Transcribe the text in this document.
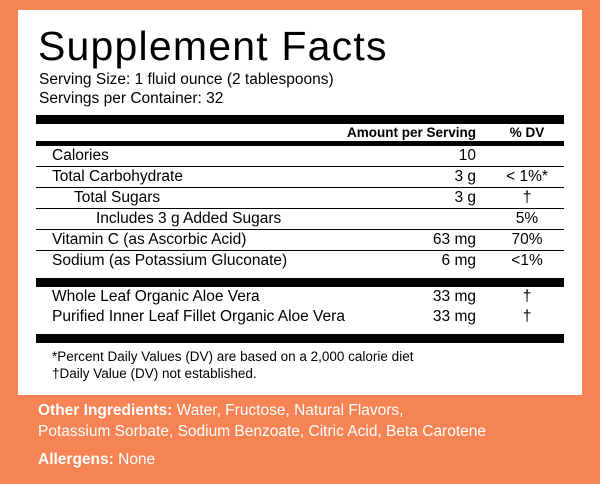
Supplement Facts
Serving Size: 1 fluid ounce (2 tablespoons)
Servings per Container: 32
	Amount per Serving	% DV
Calories	10	
Total Carbohydrate	3 g	< 1%*
Total Sugars	3 g	†
Includes 3 g Added Sugars		5%
Vitamin C (as Ascorbic Acid)	63 mg	70%
Sodium (as Potassium Gluconate)	6 mg	<1%
Whole Leaf Organic Aloe Vera	33 mg	†
Purified Inner Leaf Fillet Organic Aloe Vera	33 mg	†
*Percent Daily Values (DV) are based on a 2,000 calorie diet
†Daily Value (DV) not established.
Other Ingredients: Water, Fructose, Natural Flavors,
Potassium Sorbate, Sodium Benzoate, Citric Acid, Beta Carotene
Allergens: None
